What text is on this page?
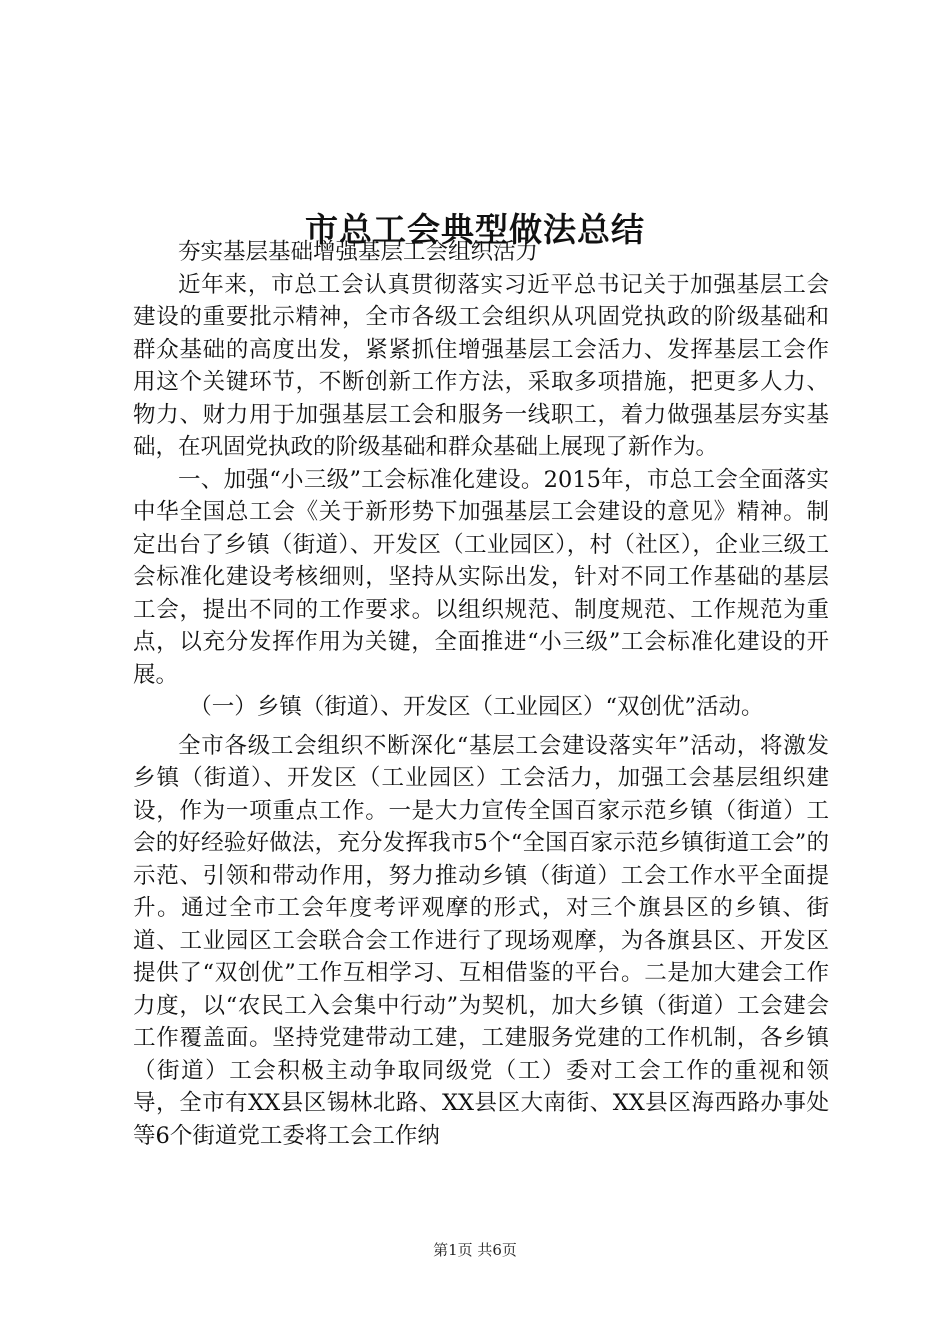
市总工会典型做法总结

夯实基层基础增强基层工会组织活力

近年来，市总工会认真贯彻落实习近平总书记关于加强基层工会建设的重要批示精神，全市各级工会组织从巩固党执政的阶级基础和群众基础的高度出发，紧紧抓住增强基层工会活力、发挥基层工会作用这个关键环节，不断创新工作方法，采取多项措施，把更多人力、物力、财力用于加强基层工会和服务一线职工，着力做强基层夯实基础，在巩固党执政的阶级基础和群众基础上展现了新作为。

一、加强“小三级”工会标准化建设。2015年，市总工会全面落实中华全国总工会《关于新形势下加强基层工会建设的意见》精神。制定出台了乡镇（街道）、开发区（工业园区），村（社区），企业三级工会标准化建设考核细则，坚持从实际出发，针对不同工作基础的基层工会，提出不同的工作要求。以组织规范、制度规范、工作规范为重点，以充分发挥作用为关键，全面推进“小三级”工会标准化建设的开展。

（一）乡镇（街道）、开发区（工业园区）“双创优”活动。

全市各级工会组织不断深化“基层工会建设落实年”活动，将激发乡镇（街道）、开发区（工业园区）工会活力，加强工会基层组织建设，作为一项重点工作。一是大力宣传全国百家示范乡镇（街道）工会的好经验好做法，充分发挥我市5个“全国百家示范乡镇街道工会”的示范、引领和带动作用，努力推动乡镇（街道）工会工作水平全面提升。通过全市工会年度考评观摩的形式，对三个旗县区的乡镇、街道、工业园区工会联合会工作进行了现场观摩，为各旗县区、开发区提供了“双创优”工作互相学习、互相借鉴的平台。二是加大建会工作力度，以“农民工入会集中行动”为契机，加大乡镇（街道）工会建会工作覆盖面。坚持党建带动工建，工建服务党建的工作机制，各乡镇（街道）工会积极主动争取同级党（工）委对工会工作的重视和领导，全市有XX县区锡林北路、XX县区大南街、XX县区海西路办事处等6个街道党工委将工会工作纳

第1页 共6页
